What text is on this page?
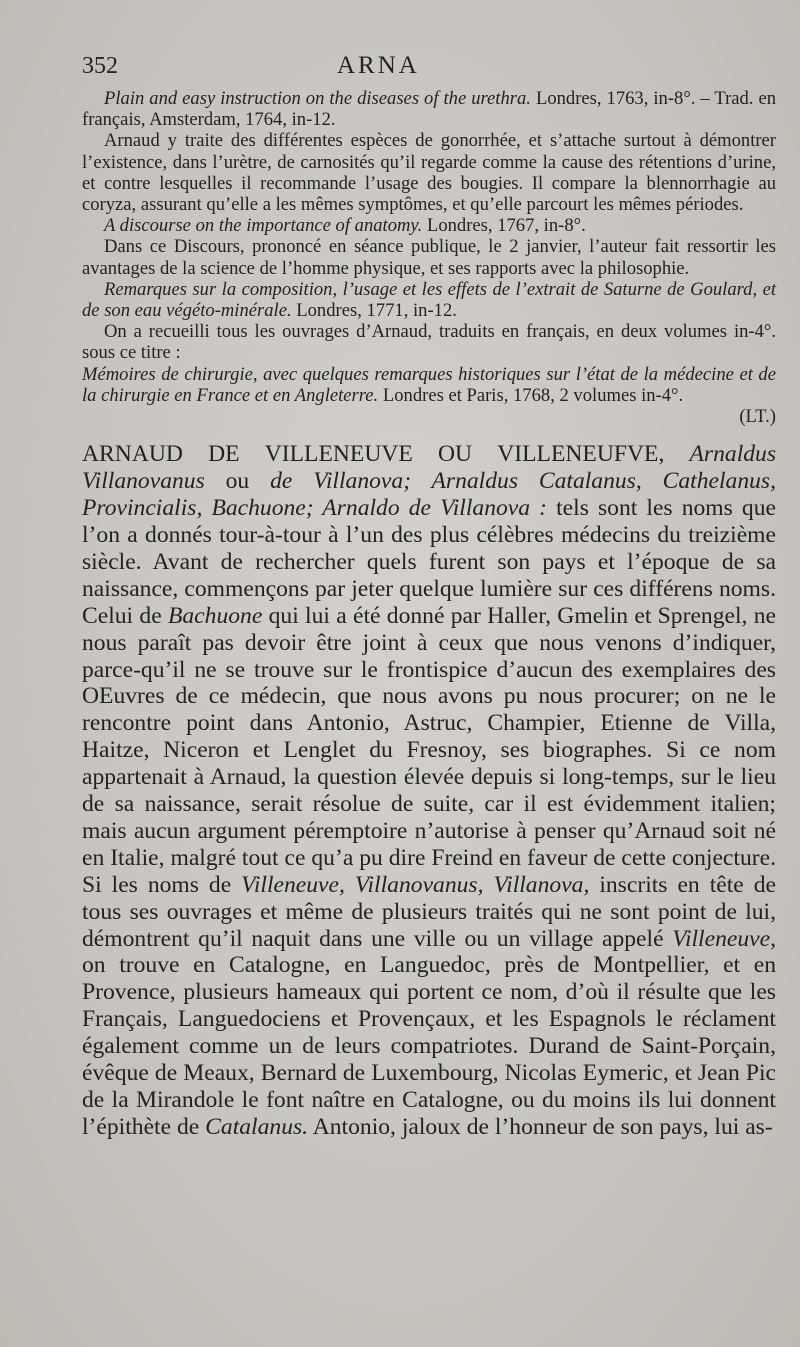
352	ARNA

Plain and easy instruction on the diseases of the urethra. Londres, 1763, in-8°. – Trad. en français, Amsterdam, 1764, in-12.

Arnaud y traite des différentes espèces de gonorrhée, et s’attache surtout à démontrer l’existence, dans l’urètre, de carnosités qu’il regarde comme la cause des rétentions d’urine, et contre lesquelles il recommande l’usage des bougies. Il compare la blennorrhagie au coryza, assurant qu’elle a les mêmes symptômes, et qu’elle parcourt les mêmes périodes.

A discourse on the importance of anatomy. Londres, 1767, in-8°.

Dans ce Discours, prononcé en séance publique, le 2 janvier, l’auteur fait ressortir les avantages de la science de l’homme physique, et ses rapports avec la philosophie.

Remarques sur la composition, l’usage et les effets de l’extrait de Saturne de Goulard, et de son eau végéto-minérale. Londres, 1771, in-12.

On a recueilli tous les ouvrages d’Arnaud, traduits en français, en deux volumes in-4°. sous ce titre :

Mémoires de chirurgie, avec quelques remarques historiques sur l’état de la médecine et de la chirurgie en France et en Angleterre. Londres et Paris, 1768, 2 volumes in-4°.

(LT.)

ARNAUD DE VILLENEUVE OU VILLENEUFVE, Arnaldus Villanovanus ou de Villanova; Arnaldus Catalanus, Cathelanus, Provincialis, Bachuone; Arnaldo de Villanova : tels sont les noms que l’on a donnés tour-à-tour à l’un des plus célèbres médecins du treizième siècle. Avant de rechercher quels furent son pays et l’époque de sa naissance, commençons par jeter quelque lumière sur ces différens noms. Celui de Bachuone qui lui a été donné par Haller, Gmelin et Sprengel, ne nous paraît pas devoir être joint à ceux que nous venons d’indiquer, parce-qu’il ne se trouve sur le frontispice d’aucun des exemplaires des OEuvres de ce médecin, que nous avons pu nous procurer; on ne le rencontre point dans Antonio, Astruc, Champier, Etienne de Villa, Haitze, Niceron et Lenglet du Fresnoy, ses biographes. Si ce nom appartenait à Arnaud, la question élevée depuis si long-temps, sur le lieu de sa naissance, serait résolue de suite, car il est évidemment italien; mais aucun argument péremptoire n’autorise à penser qu’Arnaud soit né en Italie, malgré tout ce qu’a pu dire Freind en faveur de cette conjecture. Si les noms de Villeneuve, Villanovanus, Villanova, inscrits en tête de tous ses ouvrages et même de plusieurs traités qui ne sont point de lui, démontrent qu’il naquit dans une ville ou un village appelé Villeneuve, on trouve en Catalogne, en Languedoc, près de Montpellier, et en Provence, plusieurs hameaux qui portent ce nom, d’où il résulte que les Français, Languedociens et Provençaux, et les Espagnols le réclament également comme un de leurs compatriotes. Durand de Saint-Porçain, évêque de Meaux, Bernard de Luxembourg, Nicolas Eymeric, et Jean Pic de la Mirandole le font naître en Catalogne, ou du moins ils lui donnent l’épithète de Catalanus. Antonio, jaloux de l’honneur de son pays, lui as-
